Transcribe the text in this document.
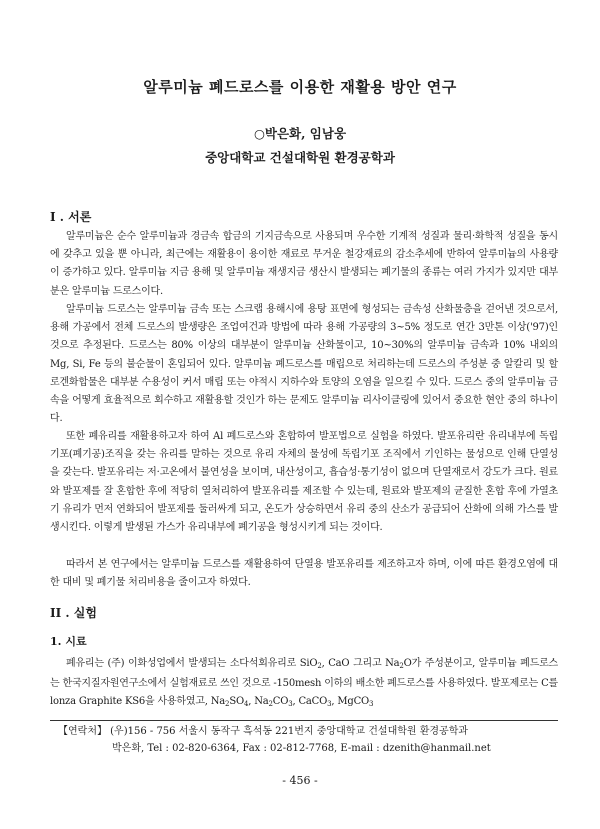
알루미늄 폐드로스를 이용한 재활용 방안 연구
○박은화, 임남웅
중앙대학교 건설대학원 환경공학과
I . 서론

알루미늄은 순수 알루미늄과 경금속 합금의 기지금속으로 사용되며 우수한 기계적 성질과 물리·화학적 성질을 동시에 갖추고 있을 뿐 아니라, 최근에는 재활용이 용이한 재료로 무거운 철강재료의 감소추세에 반하여 알루미늄의 사용량이 증가하고 있다. 알루미늄 지금 용해 및 알루미늄 재생지금 생산시 발생되는 폐기물의 종류는 여러 가지가 있지만 대부분은 알루미늄 드로스이다.

알루미늄 드로스는 알루미늄 금속 또는 스크랩 용해시에 용탕 표면에 형성되는 금속성 산화물층을 걷어낸 것으로서, 용해 가공에서 전체 드로스의 발생량은 조업여건과 방법에 따라 용해 가공량의 3~5% 정도로 연간 3만톤 이상('97)인 것으로 추정된다. 드로스는 80% 이상의 대부분이 알루미늄 산화물이고, 10~30%의 알루미늄 금속과 10% 내외의 Mg, Si, Fe 등의 불순물이 혼입되어 있다. 알루미늄 폐드로스를 매립으로 처리하는데 드로스의 주성분 중 알칼리 및 할로겐화합물은 대부분 수용성이 커서 매립 또는 야적시 지하수와 토양의 오염을 일으킬 수 있다. 드로스 중의 알루미늄 금속을 어떻게 효율적으로 회수하고 재활용할 것인가 하는 문제도 알루미늄 리사이클링에 있어서 중요한 현안 중의 하나이다.

또한 폐유리를 재활용하고자 하여 Al 폐드로스와 혼합하여 발포법으로 실험을 하였다. 발포유리란 유리내부에 독립기포(폐기공)조직을 갖는 유리를 말하는 것으로 유리 자체의 물성에 독립기포 조직에서 기인하는 물성으로 인해 단열성을 갖는다. 발포유리는 저·고온에서 불연성을 보이며, 내산성이고, 흡습성·통기성이 없으며 단열재로서 강도가 크다. 원료와 발포제를 잘 혼합한 후에 적당히 열처리하여 발포유리를 제조할 수 있는데, 원료와 발포제의 균질한 혼합 후에 가열초기 유리가 먼저 연화되어 발포제를 둘러싸게 되고, 온도가 상승하면서 유리 중의 산소가 공급되어 산화에 의해 가스를 발생시킨다. 이렇게 발생된 가스가 유리내부에 폐기공을 형성시키게 되는 것이다.

따라서 본 연구에서는 알루미늄 드로스를 재활용하여 단열용 발포유리를 제조하고자 하며, 이에 따른 환경오염에 대한 대비 및 폐기물 처리비용을 줄이고자 하였다.

II . 실험
1. 시료

폐유리는 (주) 이화성업에서 발생되는 소다석회유리로 SiO$_2$, CaO 그리고 $Na_2O$가 주성분이고, 알루미늄 폐드로스는 한국지질자원연구소에서 실험재료로 쓰인 것으로 -150mesh 이하의 배소한 폐드로스를 사용하였다. 발포제로는 C를 lonza Graphite KS6을 사용하였고, $Na_2SO_4$, $Na_2CO_3$, CaCO$_3$, MgCO$_3$

【연락처】 (우)156 - 756 서울시 동작구 흑석동 221번지 중앙대학교 건설대학원 환경공학과
박은화, Tel : 02-820-6364, Fax : 02-812-7768, E-mail : dzenith@hanmail.net
- 456 -
